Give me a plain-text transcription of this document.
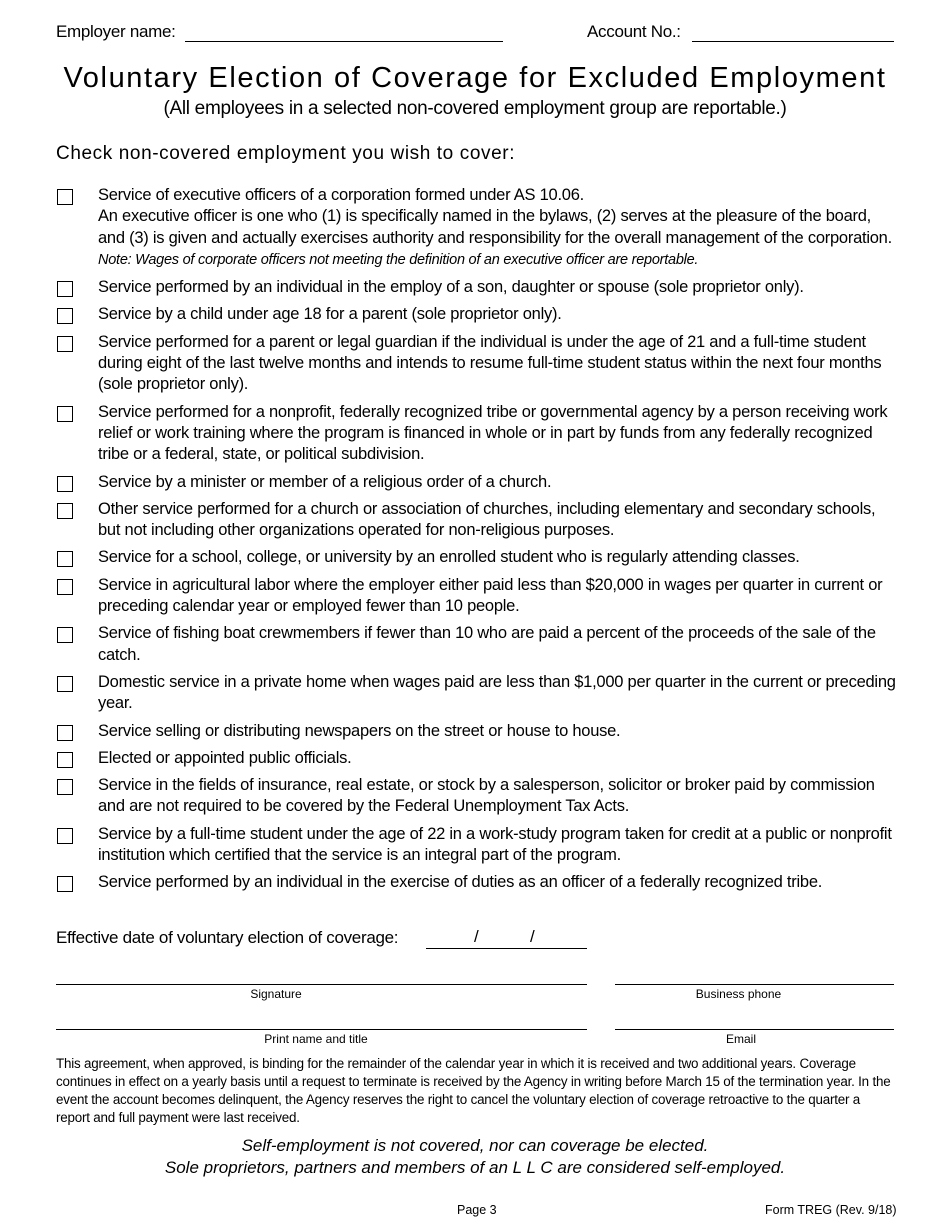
Employer name:	Account No.:
Voluntary Election of Coverage for Excluded Employment
(All employees in a selected non-covered employment group are reportable.)
Check non-covered employment you wish to cover:
Service of executive officers of a corporation formed under AS 10.06.
An executive officer is one who (1) is specifically named in the bylaws, (2) serves at the pleasure of the board, and (3) is given and actually exercises authority and responsibility for the overall management of the corporation. Note: Wages of corporate officers not meeting the definition of an executive officer are reportable.
Service performed by an individual in the employ of a son, daughter or spouse (sole proprietor only).
Service by a child under age 18 for a parent (sole proprietor only).
Service performed for a parent or legal guardian if the individual is under the age of 21 and a full-time student during eight of the last twelve months and intends to resume full-time student status within the next four months (sole proprietor only).
Service performed for a nonprofit, federally recognized tribe or governmental agency by a person receiving work relief or work training where the program is financed in whole or in part by funds from any federally recognized tribe or a federal, state, or political subdivision.
Service by a minister or member of a religious order of a church.
Other service performed for a church or association of churches, including elementary and secondary schools, but not including other organizations operated for non-religious purposes.
Service for a school, college, or university by an enrolled student who is regularly attending classes.
Service in agricultural labor where the employer either paid less than $20,000 in wages per quarter in current or preceding calendar year or employed fewer than 10 people.
Service of fishing boat crewmembers if fewer than 10 who are paid a percent of the proceeds of the sale of the catch.
Domestic service in a private home when wages paid are less than $1,000 per quarter in the current or preceding year.
Service selling or distributing newspapers on the street or house to house.
Elected or appointed public officials.
Service in the fields of insurance, real estate, or stock by a salesperson, solicitor or broker paid by commission and are not required to be covered by the Federal Unemployment Tax Acts.
Service by a full-time student under the age of 22 in a work-study program taken for credit at a public or nonprofit institution which certified that the service is an integral part of the program.
Service performed by an individual in the exercise of duties as an officer of a federally recognized tribe.
Effective date of voluntary election of coverage:	/	/
Signature	Business phone
Print name and title	Email
This agreement, when approved, is binding for the remainder of the calendar year in which it is received and two additional years. Coverage continues in effect on a yearly basis until a request to terminate is received by the Agency in writing before March 15 of the termination year. In the event the account becomes delinquent, the Agency reserves the right to cancel the voluntary election of coverage retroactive to the quarter a report and full payment were last received.
Self-employment is not covered, nor can coverage be elected.
Sole proprietors, partners and members of an L L C are considered self-employed.
Page 3	Form TREG (Rev. 9/18)
